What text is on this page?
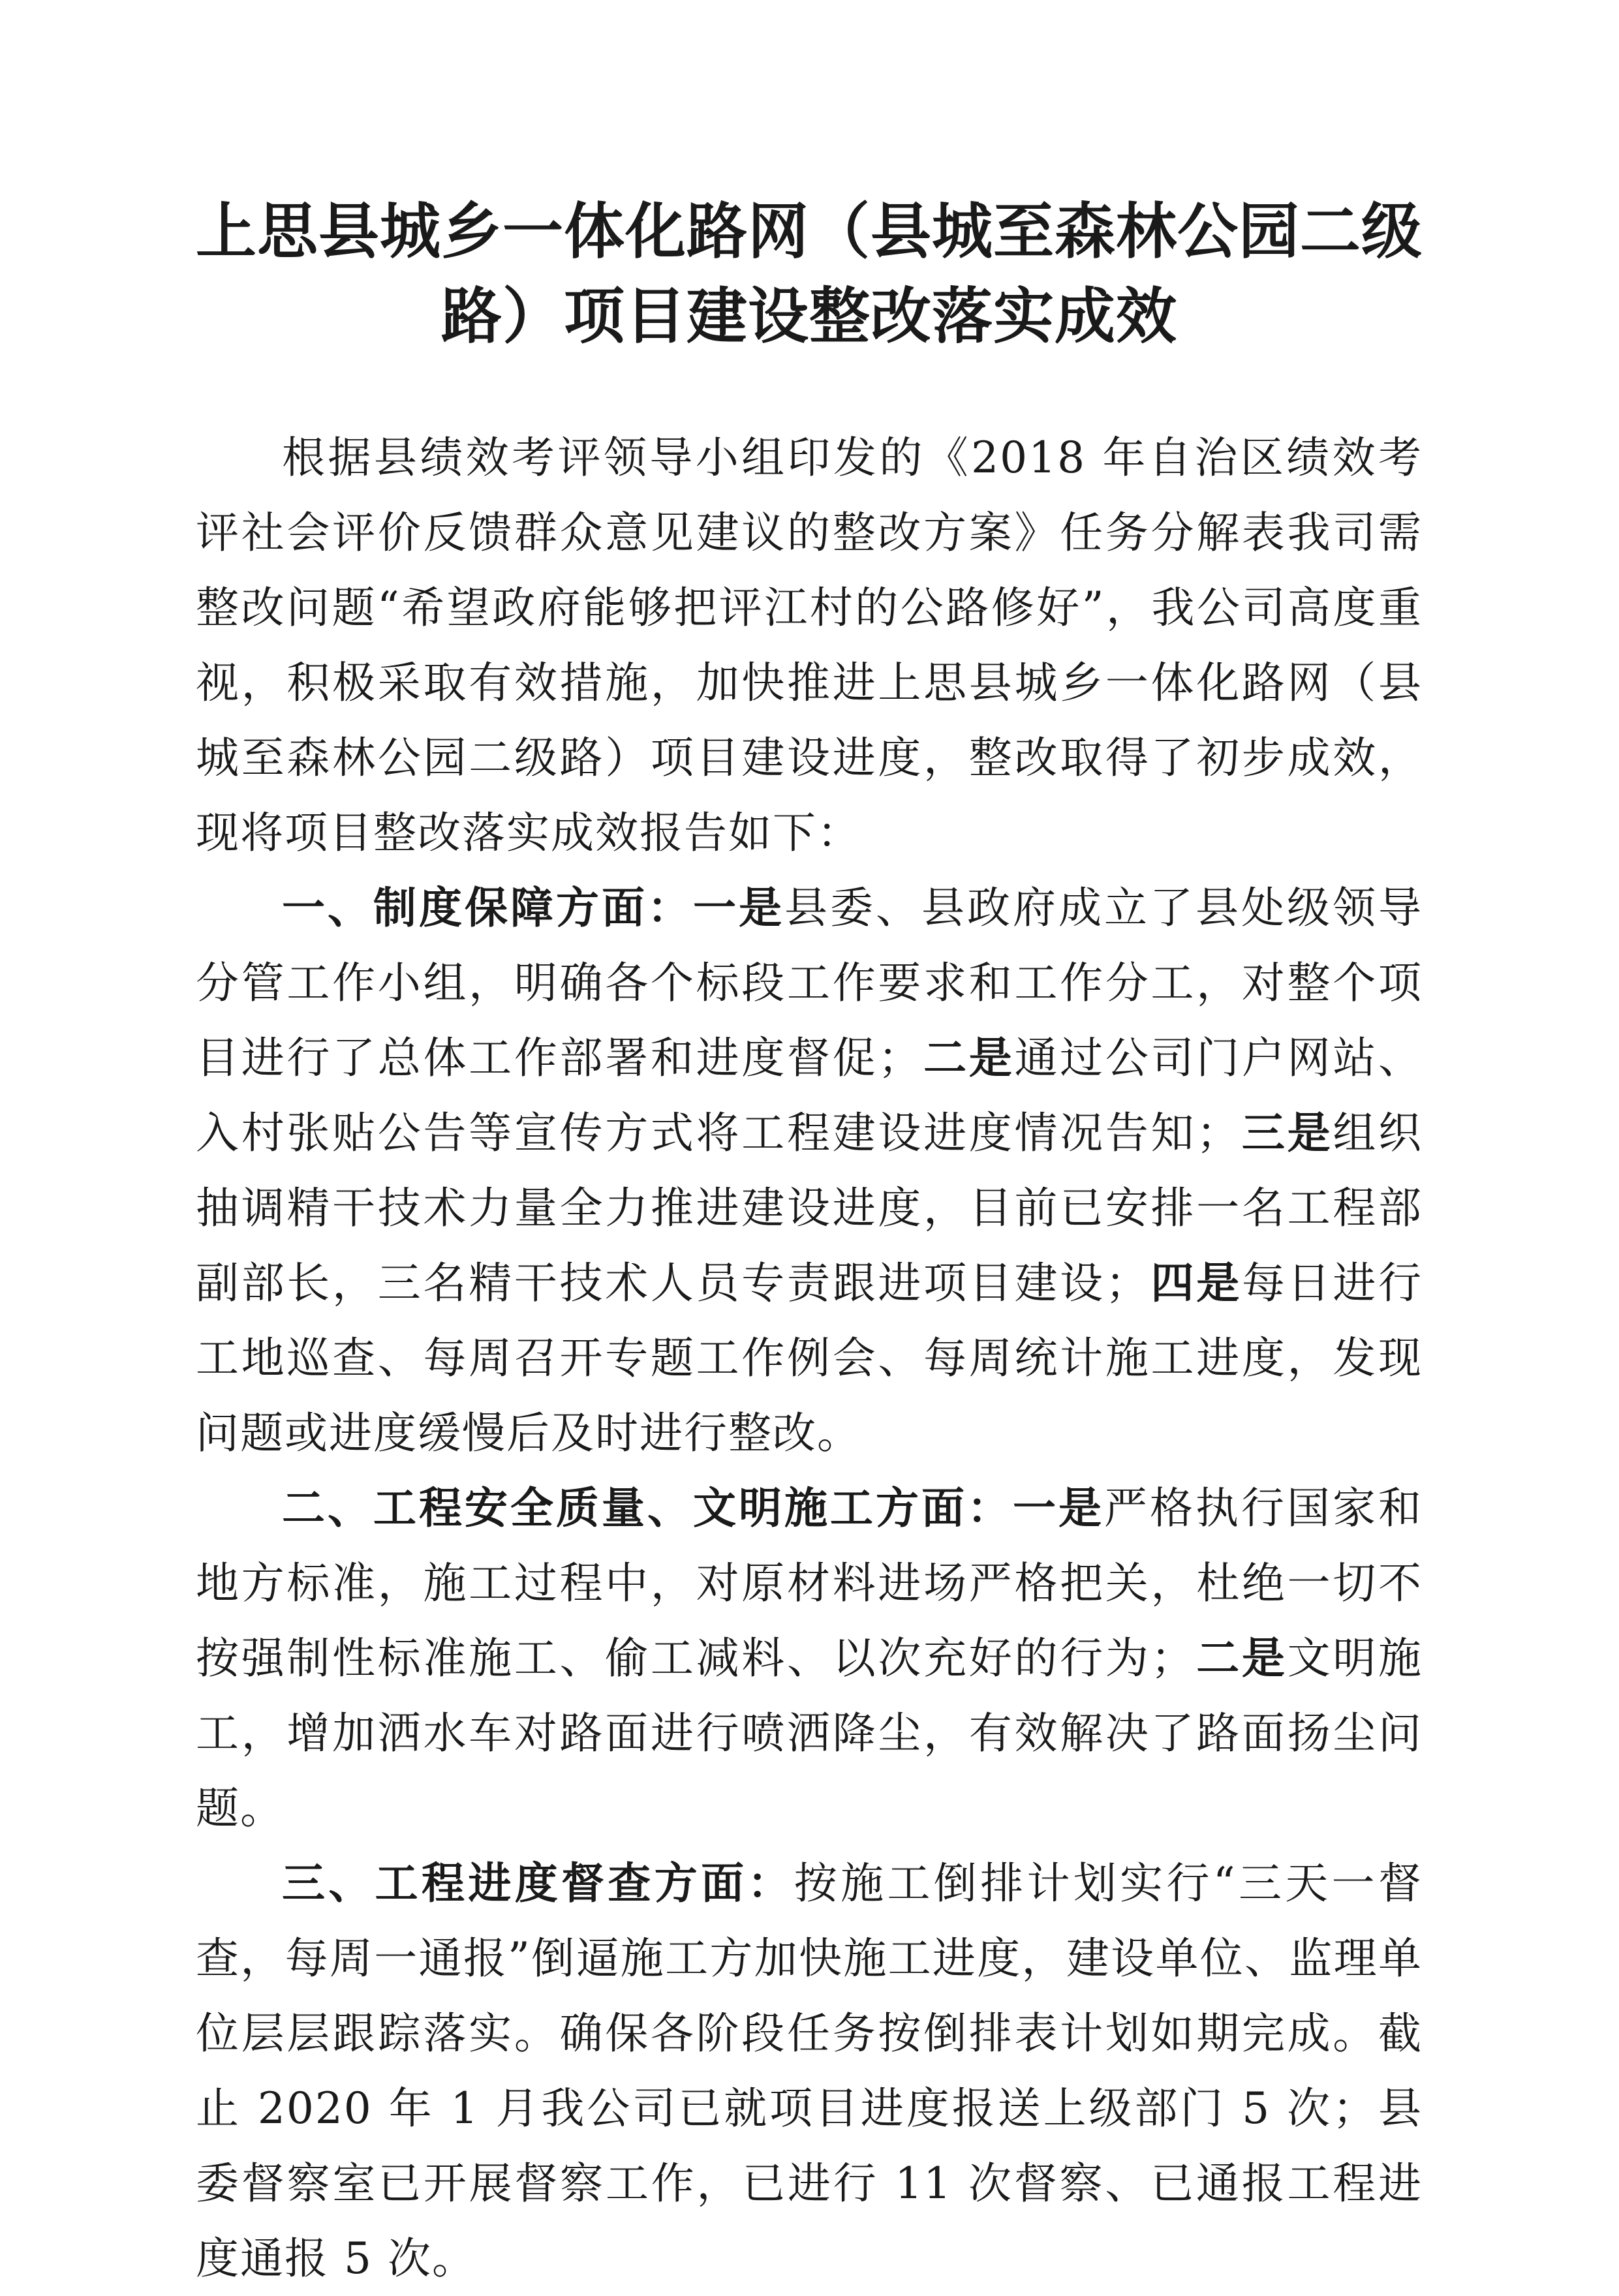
上思县城乡一体化路网（县城至森林公园二级
路）项目建设整改落实成效

根据县绩效考评领导小组印发的《2018 年自治区绩效考评社会评价反馈群众意见建议的整改方案》任务分解表我司需整改问题“希望政府能够把评江村的公路修好”，我公司高度重视，积极采取有效措施，加快推进上思县城乡一体化路网（县城至森林公园二级路）项目建设进度，整改取得了初步成效，现将项目整改落实成效报告如下：

一、制度保障方面：一是县委、县政府成立了县处级领导分管工作小组，明确各个标段工作要求和工作分工，对整个项目进行了总体工作部署和进度督促；二是通过公司门户网站、入村张贴公告等宣传方式将工程建设进度情况告知；三是组织抽调精干技术力量全力推进建设进度，目前已安排一名工程部副部长，三名精干技术人员专责跟进项目建设；四是每日进行工地巡查、每周召开专题工作例会、每周统计施工进度，发现问题或进度缓慢后及时进行整改。

二、工程安全质量、文明施工方面：一是严格执行国家和地方标准，施工过程中，对原材料进场严格把关，杜绝一切不按强制性标准施工、偷工减料、以次充好的行为；二是文明施工，增加洒水车对路面进行喷洒降尘，有效解决了路面扬尘问题。

三、工程进度督查方面：按施工倒排计划实行“三天一督查，每周一通报”倒逼施工方加快施工进度，建设单位、监理单位层层跟踪落实。确保各阶段任务按倒排表计划如期完成。截止 2020 年 1 月我公司已就项目进度报送上级部门 5 次；县委督察室已开展督察工作，已进行 11 次督察、已通报工程进度通报 5 次。
